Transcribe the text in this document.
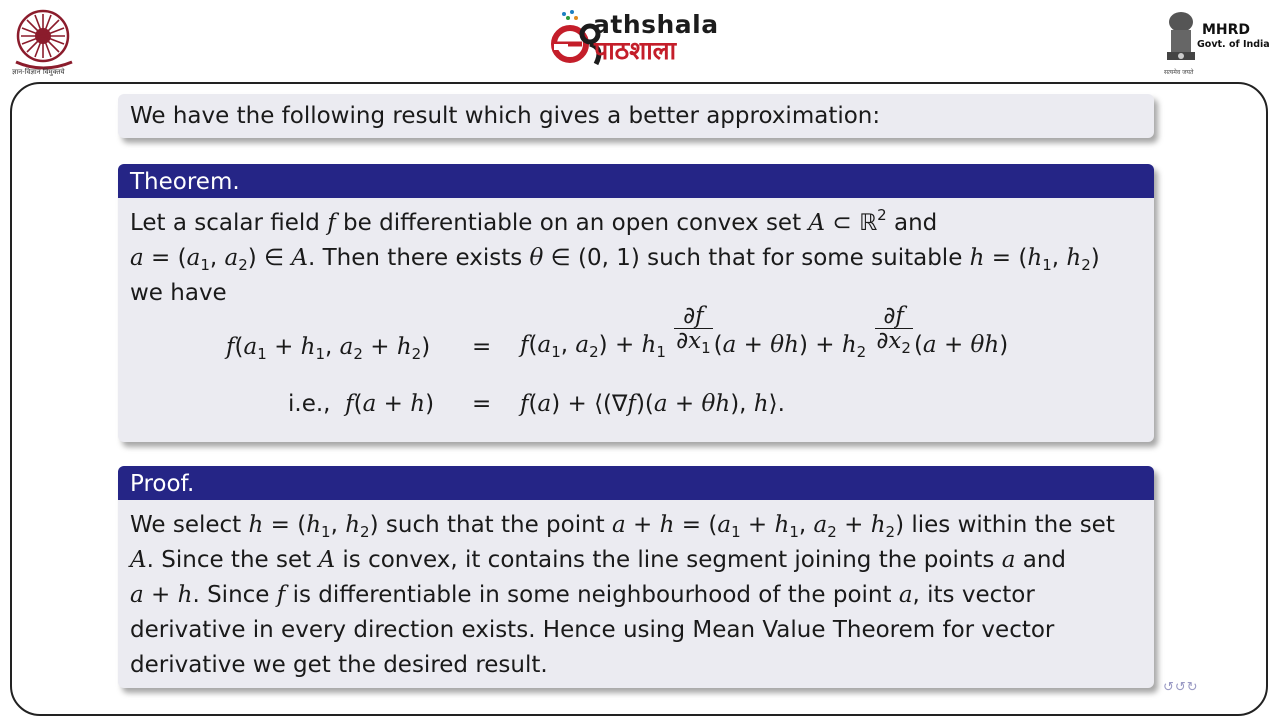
ज्ञान-विज्ञान विमुक्तये
athshala
पाठशाला
MHRD
Govt. of India
सत्यमेव जयते
We have the following result which gives a better approximation:
Theorem.
Let a scalar field f be differentiable on an open convex set A ⊂ ℝ$^2$ and
$a = (a_1$, $a_2$) ∈ A. Then there exists θ ∈ (0, 1) such that for some suitable $h = (h_1$, $h_2$)
we have
$f(a_1 + h_1$, $a_2 + h_2) = f(a_1$, $a_2) + h_1 \frac{\partial f}{\partial x_1} (a + \theta h) + h_2 \frac{\partial f}{\partial x_2} (a + \theta h)$
i.e.,  f(a + h) = f(a) + ⟨(∇f)(a + θh), h⟩.
Proof.
We select $h = (h_1$, $h_2$) such that the point $a + h = (a_1 + h_1$, $a_2 + h_2$) lies within the set
A. Since the set A is convex, it contains the line segment joining the points a and
a + h. Since f is differentiable in some neighbourhood of the point a, its vector
derivative in every direction exists. Hence using Mean Value Theorem for vector
derivative we get the desired result.
↺↺↻
